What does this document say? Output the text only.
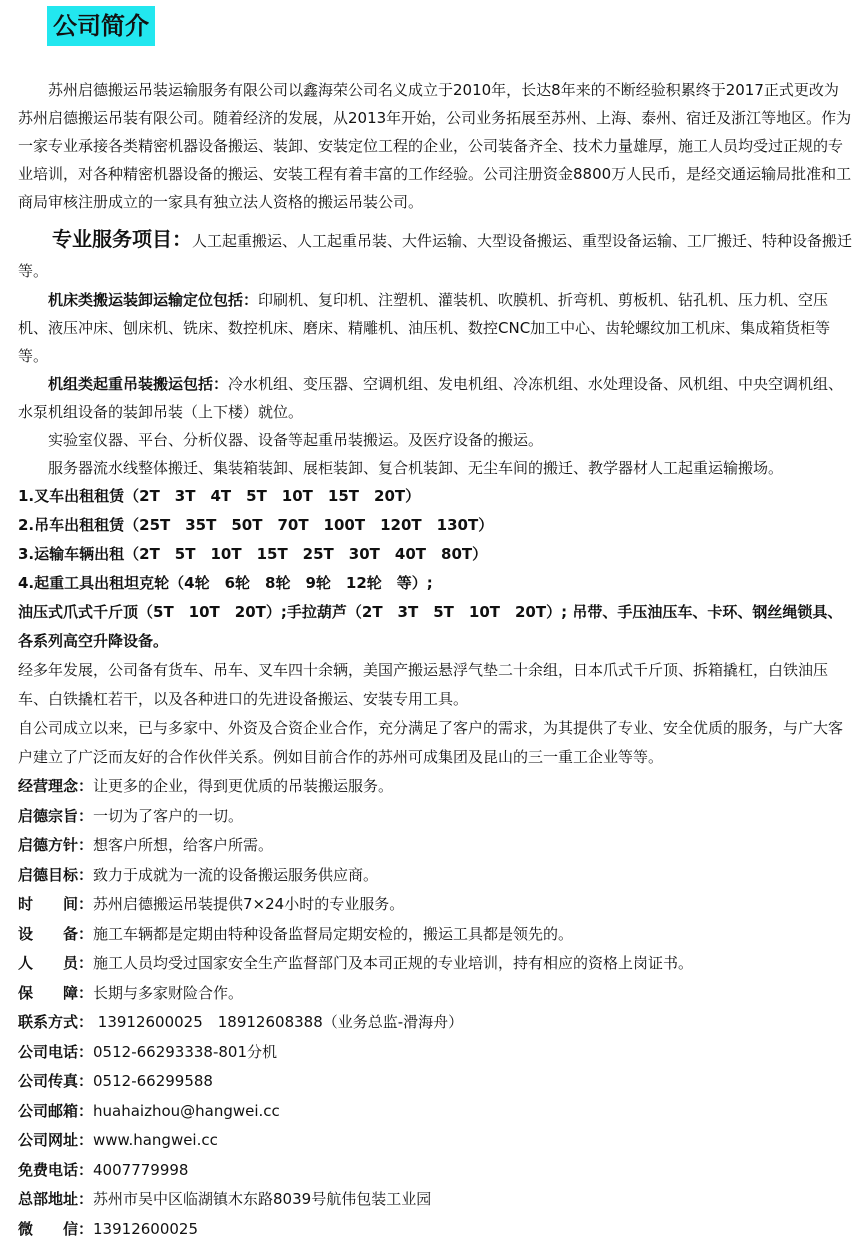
公司简介

苏州启德搬运吊装运输服务有限公司以鑫海荣公司名义成立于2010年，长达8年来的不断经验积累终于2017正式更改为苏州启德搬运吊装有限公司。随着经济的发展，从2013年开始，公司业务拓展至苏州、上海、泰州、宿迁及浙江等地区。作为一家专业承接各类精密机器设备搬运、装卸、安装定位工程的企业，公司装备齐全、技术力量雄厚，施工人员均受过正规的专业培训，对各种精密机器设备的搬运、安装工程有着丰富的工作经验。公司注册资金8800万人民币，是经交通运输局批准和工商局审核注册成立的一家具有独立法人资格的搬运吊装公司。

专业服务项目：人工起重搬运、人工起重吊装、大件运输、大型设备搬运、重型设备运输、工厂搬迁、特种设备搬迁等。

机床类搬运装卸运输定位包括：印刷机、复印机、注塑机、灌装机、吹膜机、折弯机、剪板机、钻孔机、压力机、空压机、液压冲床、刨床机、铣床、数控机床、磨床、精雕机、油压机、数控CNC加工中心、齿轮螺纹加工机床、集成箱货柜等等。

机组类起重吊装搬运包括：冷水机组、变压器、空调机组、发电机组、冷冻机组、水处理设备、风机组、中央空调机组、水泵机组设备的装卸吊装（上下楼）就位。

实验室仪器、平台、分析仪器、设备等起重吊装搬运。及医疗设备的搬运。

服务器流水线整体搬迁、集装箱装卸、展柜装卸、复合机装卸、无尘车间的搬迁、教学器材人工起重运输搬场。

1.叉车出租租赁（2T　3T　4T　5T　10T　15T　20T）

2.吊车出租租赁（25T　35T　50T　70T　100T　120T　130T）

3.运输车辆出租（2T　5T　10T　15T　25T　30T　40T　80T）

4.起重工具出租坦克轮（4轮　6轮　8轮　9轮　12轮　等）;

油压式爪式千斤顶（5T　10T　20T）;手拉葫芦（2T　3T　5T　10T　20T）; 吊带、手压油压车、卡环、钢丝绳锁具、各系列高空升降设备。

经多年发展，公司备有货车、吊车、叉车四十余辆，美国产搬运悬浮气垫二十余组，日本爪式千斤顶、拆箱撬杠，白铁油压车、白铁撬杠若干，以及各种进口的先进设备搬运、安装专用工具。

自公司成立以来，已与多家中、外资及合资企业合作，充分满足了客户的需求，为其提供了专业、安全优质的服务，与广大客户建立了广泛而友好的合作伙伴关系。例如目前合作的苏州可成集团及昆山的三一重工企业等等。

经营理念：让更多的企业，得到更优质的吊装搬运服务。

启德宗旨：一切为了客户的一切。

启德方针：想客户所想，给客户所需。

启德目标：致力于成就为一流的设备搬运服务供应商。

时　　间：苏州启德搬运吊装提供7×24小时的专业服务。

设　　备：施工车辆都是定期由特种设备监督局定期安检的，搬运工具都是领先的。

人　　员：施工人员均受过国家安全生产监督部门及本司正规的专业培训，持有相应的资格上岗证书。

保　　障：长期与多家财险合作。

联系方式： 13912600025　18912608388（业务总监-滑海舟）

公司电话：0512-66293338-801分机

公司传真：0512-66299588

公司邮箱：huahaizhou@hangwei.cc

公司网址：www.hangwei.cc

免费电话：4007779998

总部地址：苏州市吴中区临湖镇木东路8039号航伟包装工业园

微　　信：13912600025
